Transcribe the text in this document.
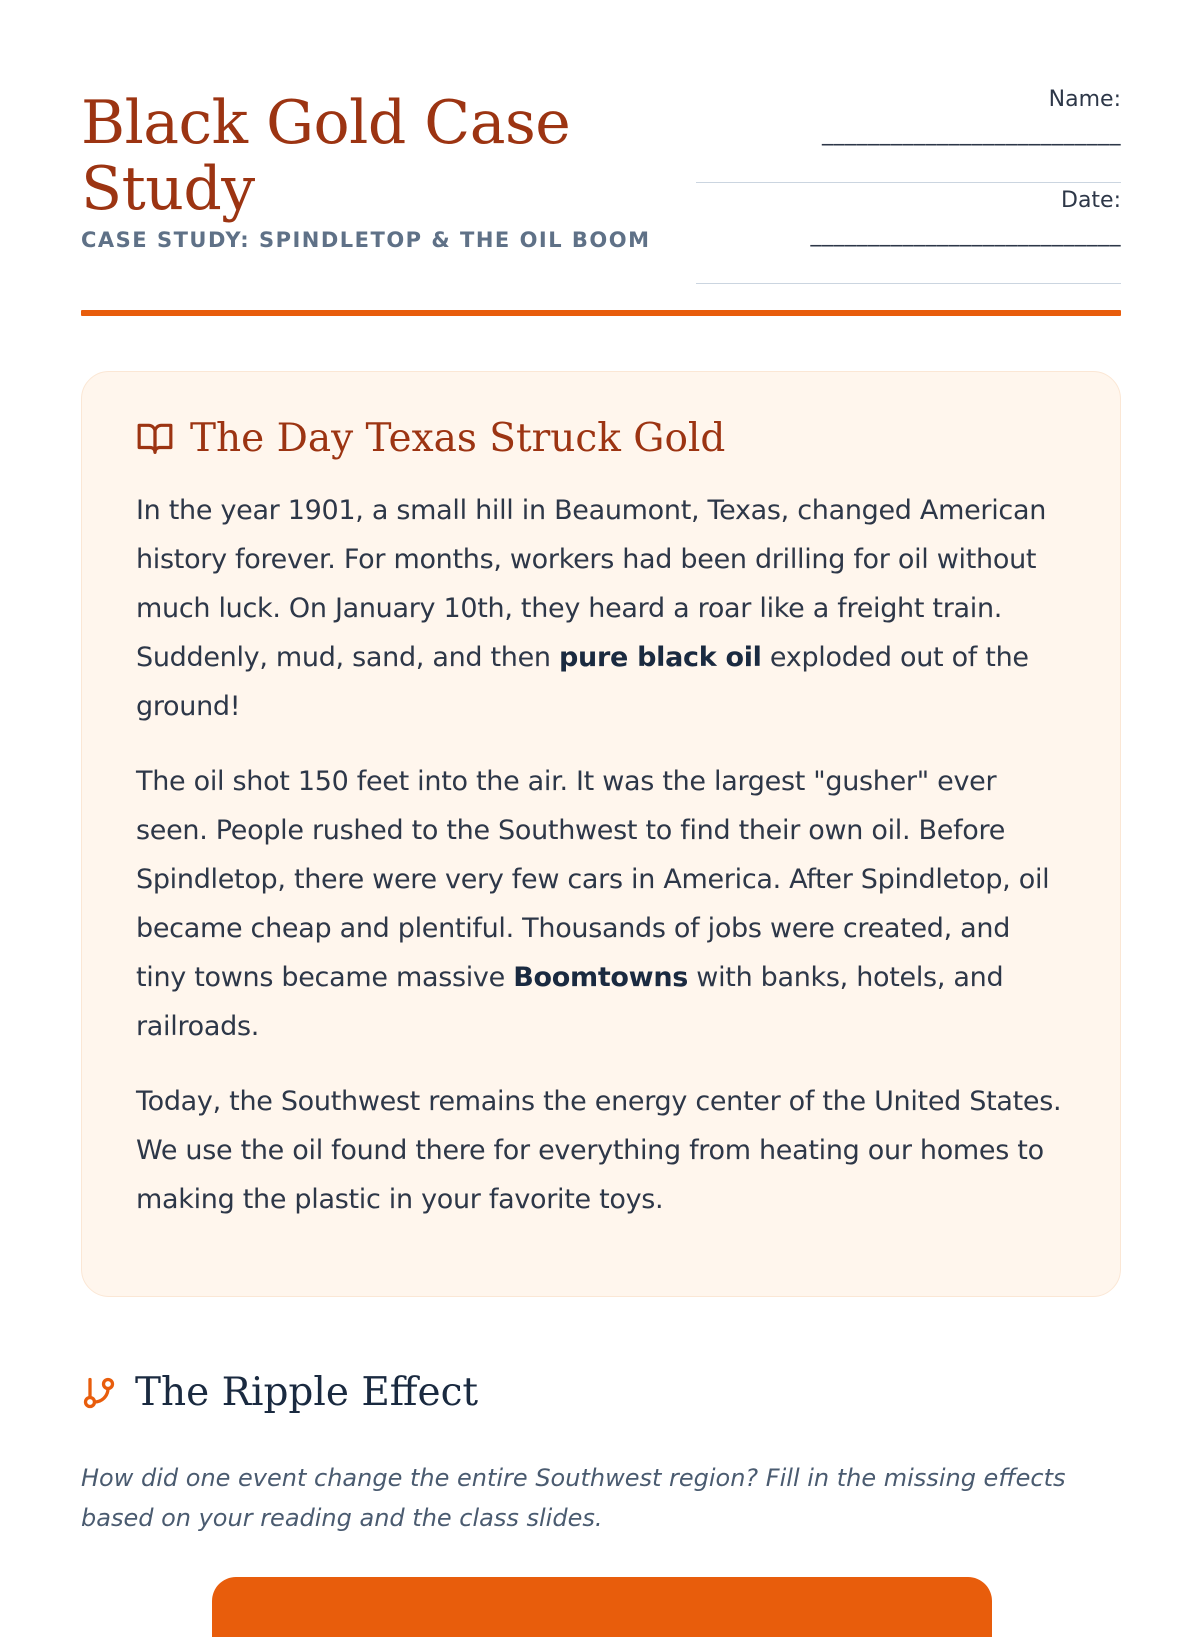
Black Gold Case Study
CASE STUDY: SPINDLETOP & THE OIL BOOM
Name:
__________________________
Date:
___________________________
The Day Texas Struck Gold

In the year 1901, a small hill in Beaumont, Texas, changed American history forever. For months, workers had been drilling for oil without much luck. On January 10th, they heard a roar like a freight train. Suddenly, mud, sand, and then pure black oil exploded out of the ground!

The oil shot 150 feet into the air. It was the largest "gusher" ever seen. People rushed to the Southwest to find their own oil. Before Spindletop, there were very few cars in America. After Spindletop, oil became cheap and plentiful. Thousands of jobs were created, and tiny towns became massive Boomtowns with banks, hotels, and railroads.

Today, the Southwest remains the energy center of the United States. We use the oil found there for everything from heating our homes to making the plastic in your favorite toys.

The Ripple Effect

How did one event change the entire Southwest region? Fill in the missing effects based on your reading and the class slides.
